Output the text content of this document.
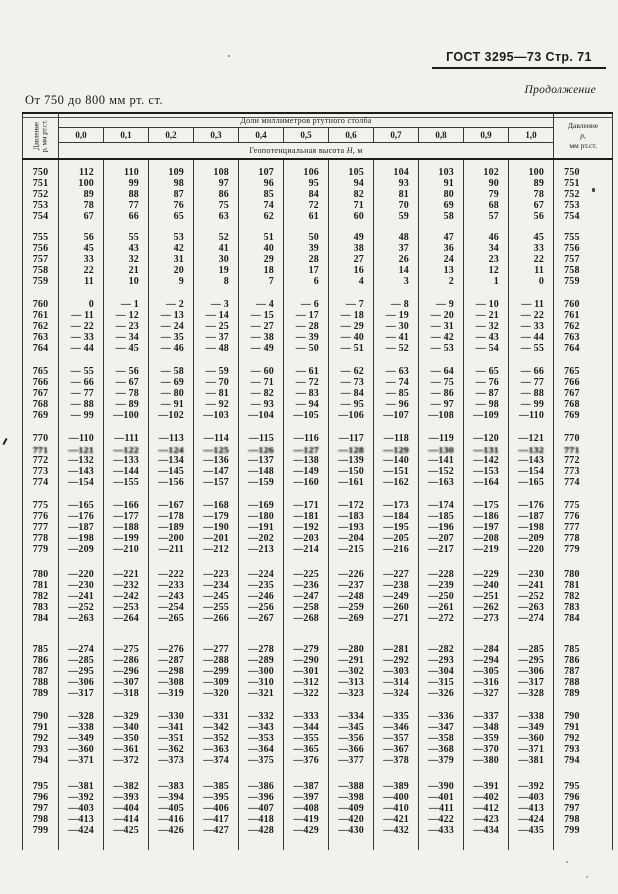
ГОСТ 3295—73 Стр. 71
Продолжение
От 750 до 800 мм рт. ст.
Давление р, мм рт.ст.	Доли миллиметров ртутного столба	
Давление
р,
мм рт.ст.

	0,0	0,1	0,2	0,3	0,4	0,5	0,6	0,7	0,8	0,9	1,0	
	Геопотенциальная высота Н, м											

750	112	110	109	108	107	106	105	104	103	102	100	750
751	100	99	98	97	96	95	94	93	91	90	89	751
752	89	88	87	86	85	84	82	81	80	79	78	752
753	78	77	76	75	74	72	71	70	69	68	67	753
754	67	66	65	63	62	61	60	59	58	57	56	754

755	56	55	53	52	51	50	49	48	47	46	45	755
756	45	43	42	41	40	39	38	37	36	34	33	756
757	33	32	31	30	29	28	27	26	24	23	22	757
758	22	21	20	19	18	17	16	14	13	12	11	758
759	11	10	9	8	7	6	4	3	2	1	0	759

760	0	— 1	— 2	— 3	— 4	— 6	— 7	— 8	— 9	— 10	— 11	760
761	— 11	— 12	— 13	— 14	— 15	— 17	— 18	— 19	— 20	— 21	— 22	761
762	— 22	— 23	— 24	— 25	— 27	— 28	— 29	— 30	— 31	— 32	— 33	762
763	— 33	— 34	— 35	— 37	— 38	— 39	— 40	— 41	— 42	— 43	— 44	763
764	— 44	— 45	— 46	— 48	— 49	— 50	— 51	— 52	— 53	— 54	— 55	764

765	— 55	— 56	— 58	— 59	— 60	— 61	— 62	— 63	— 64	— 65	— 66	765
766	— 66	— 67	— 69	— 70	— 71	— 72	— 73	— 74	— 75	— 76	— 77	766
767	— 77	— 78	— 80	— 81	— 82	— 83	— 84	— 85	— 86	— 87	— 88	767
768	— 88	— 89	— 91	— 92	— 93	— 94	— 95	— 96	— 97	— 98	— 99	768
769	— 99	—100	—102	—103	—104	—105	—106	—107	—108	—109	—110	769

770	—110	—111	—113	—114	—115	—116	—117	—118	—119	—120	—121	770
771	—121	—122	—124	—125	—126	—127	—128	—129	—130	—131	—132	771
772	—132	—133	—134	—136	—137	—138	—139	—140	—141	—142	—143	772
773	—143	—144	—145	—147	—148	—149	—150	—151	—152	—153	—154	773
774	—154	—155	—156	—157	—159	—160	—161	—162	—163	—164	—165	774

775	—165	—166	—167	—168	—169	—171	—172	—173	—174	—175	—176	775
776	—176	—177	—178	—179	—180	—181	—183	—184	—185	—186	—187	776
777	—187	—188	—189	—190	—191	—192	—193	—195	—196	—197	—198	777
778	—198	—199	—200	—201	—202	—203	—204	—205	—207	—208	—209	778
779	—209	—210	—211	—212	—213	—214	—215	—216	—217	—219	—220	779

780	—220	—221	—222	—223	—224	—225	—226	—227	—228	—229	—230	780
781	—230	—232	—233	—234	—235	—236	—237	—238	—239	—240	—241	781
782	—241	—242	—243	—245	—246	—247	—248	—249	—250	—251	—252	782
783	—252	—253	—254	—255	—256	—258	—259	—260	—261	—262	—263	783
784	—263	—264	—265	—266	—267	—268	—269	—271	—272	—273	—274	784

785	—274	—275	—276	—277	—278	—279	—280	—281	—282	—284	—285	785
786	—285	—286	—287	—288	—289	—290	—291	—292	—293	—294	—295	786
787	—295	—296	—298	—299	—300	—301	—302	—303	—304	—305	—306	787
788	—306	—307	—308	—309	—310	—312	—313	—314	—315	—316	—317	788
789	—317	—318	—319	—320	—321	—322	—323	—324	—326	—327	—328	789

790	—328	—329	—330	—331	—332	—333	—334	—335	—336	—337	—338	790
791	—338	—340	—341	—342	—343	—344	—345	—346	—347	—348	—349	791
792	—349	—350	—351	—352	—353	—355	—356	—357	—358	—359	—360	792
793	—360	—361	—362	—363	—364	—365	—366	—367	—368	—370	—371	793
794	—371	—372	—373	—374	—375	—376	—377	—378	—379	—380	—381	794

795	—381	—382	—383	—385	—386	—387	—388	—389	—390	—391	—392	795
796	—392	—393	—394	—395	—396	—397	—398	—400	—401	—402	—403	796
797	—403	—404	—405	—406	—407	—408	—409	—410	—411	—412	—413	797
798	—413	—414	—416	—417	—418	—419	—420	—421	—422	—423	—424	798
799	—424	—425	—426	—427	—428	—429	—430	—432	—433	—434	—435	799
